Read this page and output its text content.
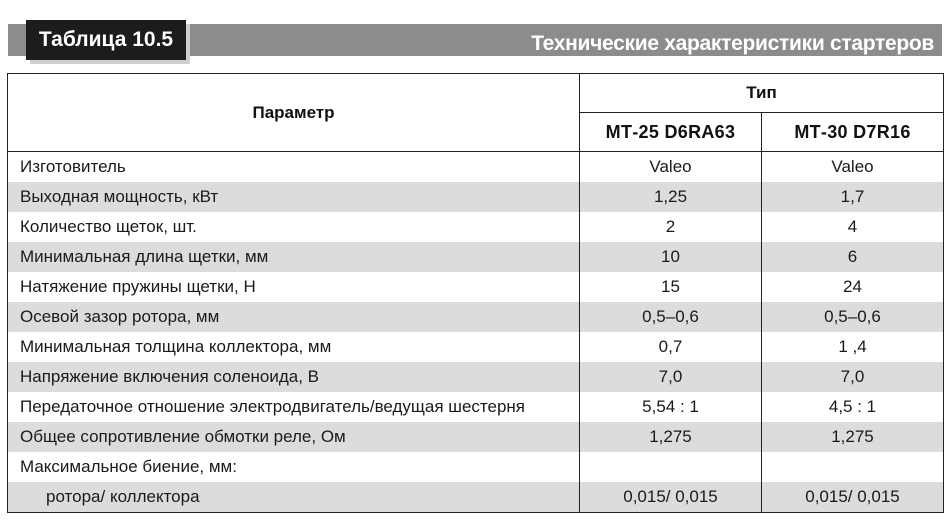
Технические характеристики стартеров
Таблица 10.5
Параметр	Тип	
	МТ-25 D6RA63	МТ-30 D7R16
Изготовитель	Valeo	Valeo
Выходная мощность, кВт	1,25	1,7
Количество щеток, шт.	2	4
Минимальная длина щетки, мм	10	6
Натяжение пружины щетки, Н	15	24
Осевой зазор ротора, мм	0,5–0,6	0,5–0,6
Минимальная толщина коллектора, мм	0,7	1 ,4
Напряжение включения соленоида, В	7,0	7,0
Передаточное отношение электродвигатель/ведущая шестерня	5,54 : 1	4,5 : 1
Общее сопротивление обмотки реле, Ом	1,275	1,275
Максимальное биение, мм:		
ротора/ коллектора	0,015/ 0,015	0,015/ 0,015
